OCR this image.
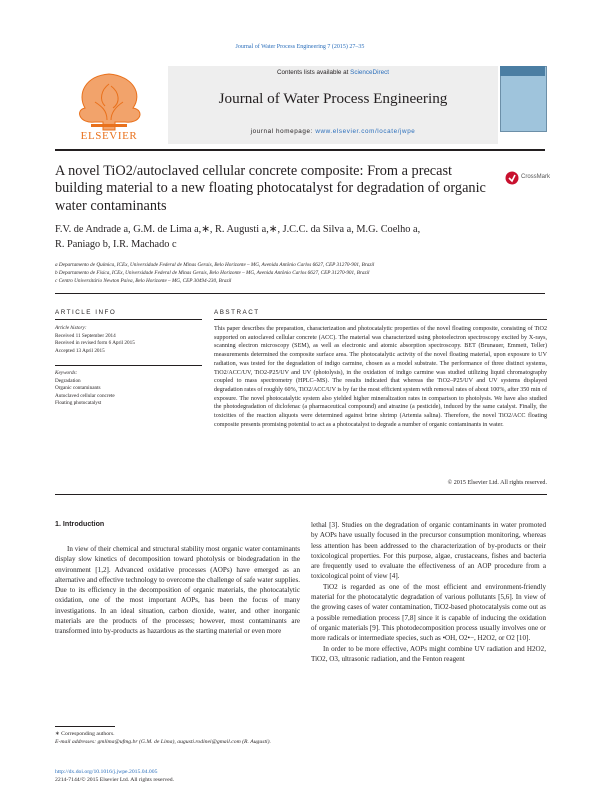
Journal of Water Process Engineering 7 (2015) 27–35
ELSEVIER
Contents lists available at ScienceDirect
Journal of Water Process Engineering
journal homepage: www.elsevier.com/locate/jwpe
A novel TiO2/autoclaved cellular concrete composite: From a precast building material to a new floating photocatalyst for degradation of organic water contaminants
CrossMark
F.V. de Andrade a, G.M. de Lima a,∗, R. Augusti a,∗, J.C.C. da Silva a, M.G. Coelho a,
R. Paniago b, I.R. Machado c
a Departamento de Química, ICEx, Universidade Federal de Minas Gerais, Belo Horizonte – MG, Avenida Antônio Carlos 6627, CEP 31270-901, Brazil
b Departamento de Física, ICEx, Universidade Federal de Minas Gerais, Belo Horizonte – MG, Avenida Antônio Carlos 6627, CEP 31270-901, Brazil
c Centro Universitário Newton Paiva, Belo Horizonte – MG, CEP 30494-230, Brazil
ARTICLE INFO
Article history:
Received 11 September 2014
Received in revised form 6 April 2015
Accepted 13 April 2015
Keywords:
Degradation
Organic contaminants
Autoclaved cellular concrete
Floating photocatalyst
ABSTRACT
This paper describes the preparation, characterization and photocatalytic properties of the novel floating composite, consisting of TiO2 supported on autoclaved cellular concrete (ACC). The material was characterized using photoelectron spectroscopy excited by X-rays, scanning electron microscopy (SEM), as well as electronic and atomic absorption spectroscopy. BET (Brunauer, Emmett, Teller) measurements determined the composite surface area. The photocatalytic activity of the novel floating material, upon exposure to UV radiation, was tested for the degradation of indigo carmine, chosen as a model substrate. The performance of three distinct systems, TiO2/ACC/UV, TiO2-P25/UV and UV (photolysis), in the oxidation of indigo carmine was studied utilizing liquid chromatography coupled to mass spectrometry (HPLC–MS). The results indicated that whereas the TiO2–P25/UV and UV systems displayed degradation rates of roughly 60%, TiO2/ACC/UV is by far the most efficient system with removal rates of about 100%, after 350 min of exposure. The novel photocatalytic system also yielded higher mineralization rates in comparison to photolysis. We have also studied the photodegradation of diclofenac (a pharmaceutical compound) and atrazine (a pesticide), induced by the same catalyst. Finally, the toxicities of the reaction aliquots were determined against brine shrimp (Artemia salina). Therefore, the novel TiO2/ACC floating composite presents promising potential to act as a photocatalyst to degrade a number of organic contaminants in water.
© 2015 Elsevier Ltd. All rights reserved.
1. Introduction

In view of their chemical and structural stability most organic water contaminants display slow kinetics of decomposition toward photolysis or biodegradation in the environment [1,2]. Advanced oxidative processes (AOPs) have emerged as an alternative and effective technology to overcome the challenge of safe water supplies. Due to its efficiency in the decomposition of organic materials, the photocatalytic oxidation, one of the most important AOPs, has been the focus of many investigations. In an ideal situation, carbon dioxide, water, and other inorganic materials are the products of the processes; however, most contaminants are transformed into by-products as hazardous as the starting material or even more

lethal [3]. Studies on the degradation of organic contaminants in water promoted by AOPs have usually focused in the precursor consumption monitoring, whereas less attention has been addressed to the characterization of by-products or their toxicological properties. For this purpose, algae, crustaceans, fishes and bacteria are frequently used to evaluate the effectiveness of an AOP procedure from a toxicological point of view [4].

TiO2 is regarded as one of the most efficient and environment-friendly material for the photocatalytic degradation of various pollutants [5,6]. In view of the growing cases of water contamination, TiO2-based photocatalysis come out as a possible remediation process [7,8] since it is capable of inducing the oxidation of organic materials [9]. This photodecomposition process usually involves one or more radicals or intermediate species, such as •OH, O2•−, H2O2, or O2 [10].

In order to be more effective, AOPs might combine UV radiation and H2O2, TiO2, O3, ultrasonic radiation, and the Fenton reagent

∗ Corresponding authors.
E-mail addresses: gmlima@ufmg.br (G.M. de Lima), augusti.rodinei@gmail.com (R. Augusti).
http://dx.doi.org/10.1016/j.jwpe.2015.04.005
2214-7144/© 2015 Elsevier Ltd. All rights reserved.
